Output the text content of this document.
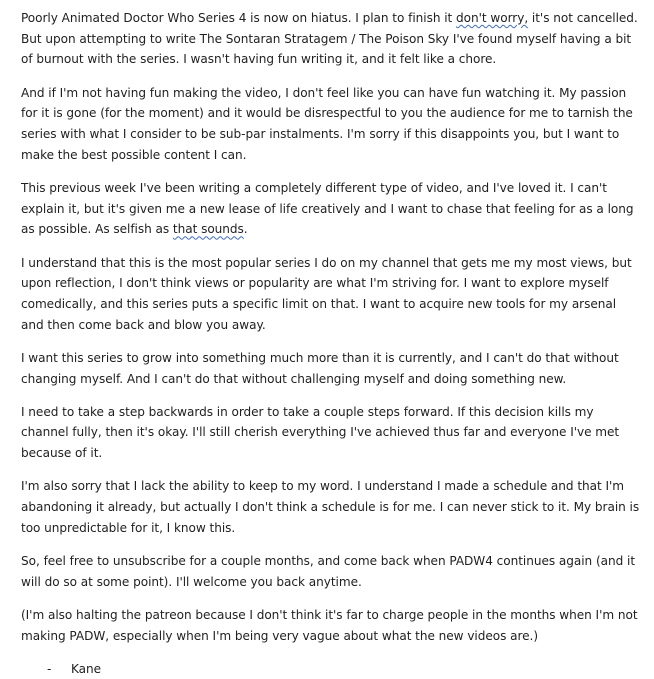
Poorly Animated Doctor Who Series 4 is now on hiatus. I plan to finish it don't worry, it's not cancelled. But upon attempting to write The Sontaran Stratagem / The Poison Sky I've found myself having a bit of burnout with the series. I wasn't having fun writing it, and it felt like a chore.

And if I'm not having fun making the video, I don't feel like you can have fun watching it. My passion for it is gone (for the moment) and it would be disrespectful to you the audience for me to tarnish the series with what I consider to be sub-par instalments. I'm sorry if this disappoints you, but I want to make the best possible content I can.

This previous week I've been writing a completely different type of video, and I've loved it. I can't explain it, but it's given me a new lease of life creatively and I want to chase that feeling for as a long as possible. As selfish as that sounds.

I understand that this is the most popular series I do on my channel that gets me my most views, but upon reflection, I don't think views or popularity are what I'm striving for. I want to explore myself comedically, and this series puts a specific limit on that. I want to acquire new tools for my arsenal and then come back and blow you away.

I want this series to grow into something much more than it is currently, and I can't do that without changing myself. And I can't do that without challenging myself and doing something new.

I need to take a step backwards in order to take a couple steps forward. If this decision kills my channel fully, then it's okay. I'll still cherish everything I've achieved thus far and everyone I've met because of it.

I'm also sorry that I lack the ability to keep to my word. I understand I made a schedule and that I'm abandoning it already, but actually I don't think a schedule is for me. I can never stick to it. My brain is too unpredictable for it, I know this.

So, feel free to unsubscribe for a couple months, and come back when PADW4 continues again (and it will do so at some point). I'll welcome you back anytime.

(I'm also halting the patreon because I don't think it's far to charge people in the months when I'm not making PADW, especially when I'm being very vague about what the new videos are.)

-	Kane
